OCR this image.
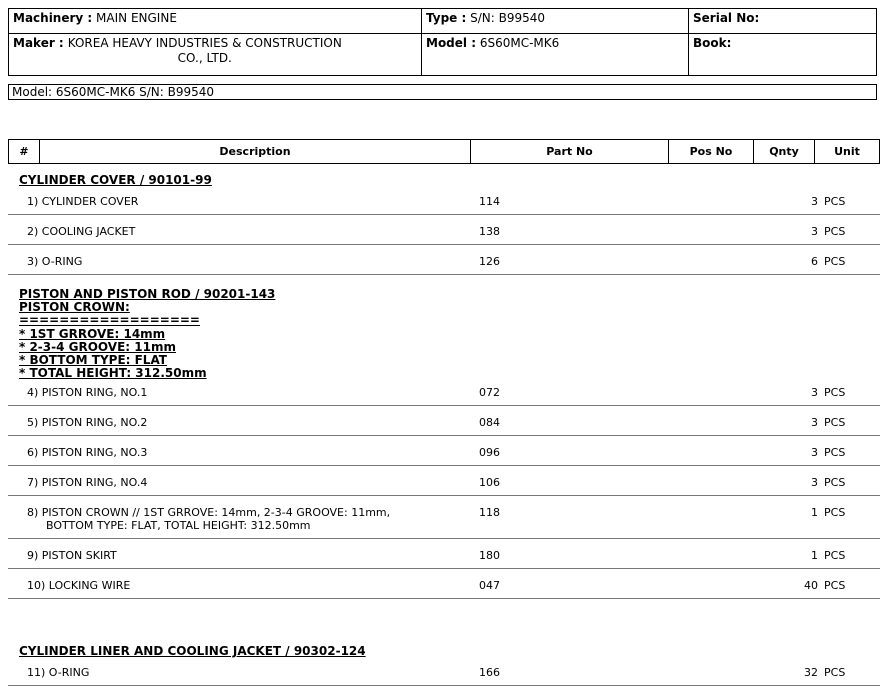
Machinery : MAIN ENGINE	Type : S/N: B99540	Serial No:

Maker : KOREA HEAVY INDUSTRIES & CONSTRUCTION
CO., LTD.	Model : 6S60MC-MK6	Book:
Model: 6S60MC-MK6 S/N: B99540
#	Description	Part No	Pos No	Qnty	Unit
CYLINDER COVER / 90101-99
1) CYLINDER COVER	114	3 PCS
2) COOLING JACKET	138	3 PCS
3) O-RING	126	6 PCS
PISTON AND PISTON ROD / 90201-143
PISTON CROWN:
==================
* 1ST GRROVE: 14mm
* 2-3-4 GROOVE: 11mm
* BOTTOM TYPE: FLAT
* TOTAL HEIGHT: 312.50mm
4) PISTON RING, NO.1	072	3 PCS
5) PISTON RING, NO.2	084	3 PCS
6) PISTON RING, NO.3	096	3 PCS
7) PISTON RING, NO.4	106	3 PCS
8) PISTON CROWN // 1ST GRROVE: 14mm, 2-3-4 GROOVE: 11mm,
BOTTOM TYPE: FLAT, TOTAL HEIGHT: 312.50mm
118	1 PCS
9) PISTON SKIRT	180	1 PCS
10) LOCKING WIRE	047	40 PCS
CYLINDER LINER AND COOLING JACKET / 90302-124
11) O-RING	166	32 PCS
